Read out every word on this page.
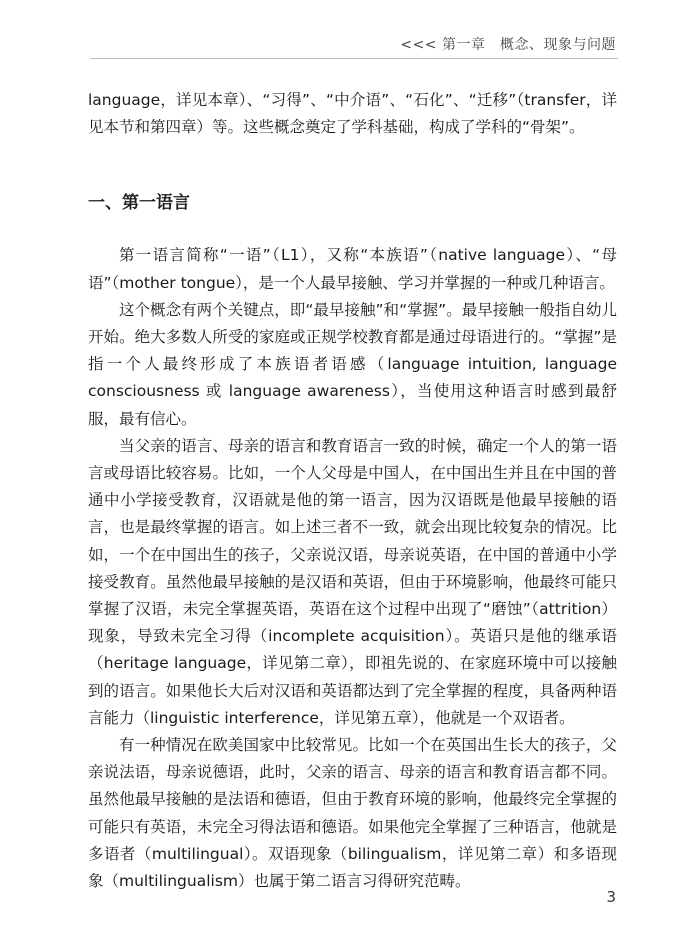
<<< 第一章　概念、现象与问题

language，详见本章）、“习得”、“中介语”、“石化”、“迁移”（transfer，详见本节和第四章）等。这些概念奠定了学科基础，构成了学科的“骨架”。

一、第一语言

第一语言简称“一语”（L1），又称“本族语”（native language）、“母语”（mother tongue），是一个人最早接触、学习并掌握的一种或几种语言。

这个概念有两个关键点，即“最早接触”和“掌握”。最早接触一般指自幼儿开始。绝大多数人所受的家庭或正规学校教育都是通过母语进行的。“掌握”是指一个人最终形成了本族语者语感（language intuition, language consciousness 或 language awareness），当使用这种语言时感到最舒服，最有信心。

当父亲的语言、母亲的语言和教育语言一致的时候，确定一个人的第一语言或母语比较容易。比如，一个人父母是中国人，在中国出生并且在中国的普通中小学接受教育，汉语就是他的第一语言，因为汉语既是他最早接触的语言，也是最终掌握的语言。如上述三者不一致，就会出现比较复杂的情况。比如，一个在中国出生的孩子，父亲说汉语，母亲说英语，在中国的普通中小学接受教育。虽然他最早接触的是汉语和英语，但由于环境影响，他最终可能只掌握了汉语，未完全掌握英语，英语在这个过程中出现了“磨蚀”（attrition）现象，导致未完全习得（incomplete acquisition）。英语只是他的继承语（heritage language，详见第二章），即祖先说的、在家庭环境中可以接触到的语言。如果他长大后对汉语和英语都达到了完全掌握的程度，具备两种语言能力（linguistic interference，详见第五章），他就是一个双语者。

有一种情况在欧美国家中比较常见。比如一个在英国出生长大的孩子，父亲说法语，母亲说德语，此时，父亲的语言、母亲的语言和教育语言都不同。虽然他最早接触的是法语和德语，但由于教育环境的影响，他最终完全掌握的可能只有英语，未完全习得法语和德语。如果他完全掌握了三种语言，他就是多语者（multilingual）。双语现象（bilingualism，详见第二章）和多语现象（multilingualism）也属于第二语言习得研究范畴。

3
